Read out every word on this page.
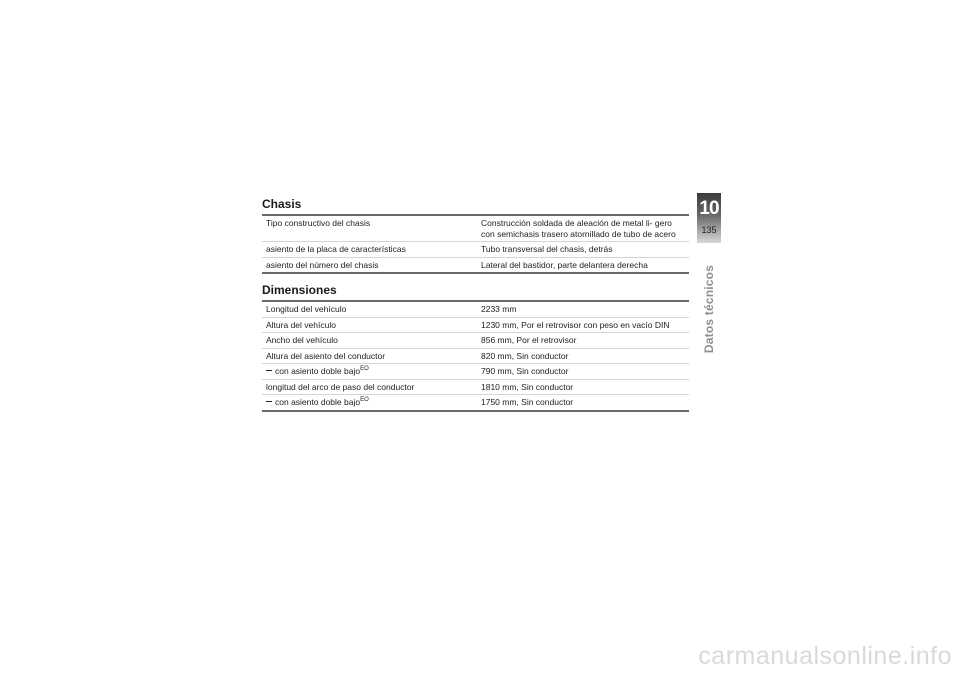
Chasis
Tipo constructivo del chasis	Construcción soldada de aleación de metal li- gero con semichasis trasero atornillado de tubo de acero
asiento de la placa de características	Tubo transversal del chasis, detrás
asiento del número del chasis	Lateral del bastidor, parte delantera derecha
Dimensiones
Longitud del vehículo	2233 mm
Altura del vehículo	1230 mm, Por el retrovisor con peso en vacío DIN
Ancho del vehículo	856 mm, Por el retrovisor
Altura del asiento del conductor	820 mm, Sin conductor
con asiento doble bajo$^{EO}$	790 mm, Sin conductor
longitud del arco de paso del conductor	1810 mm, Sin conductor
con asiento doble bajo$^{EO}$	1750 mm, Sin conductor
10
135
Datos técnicos
carmanualsonline.info
